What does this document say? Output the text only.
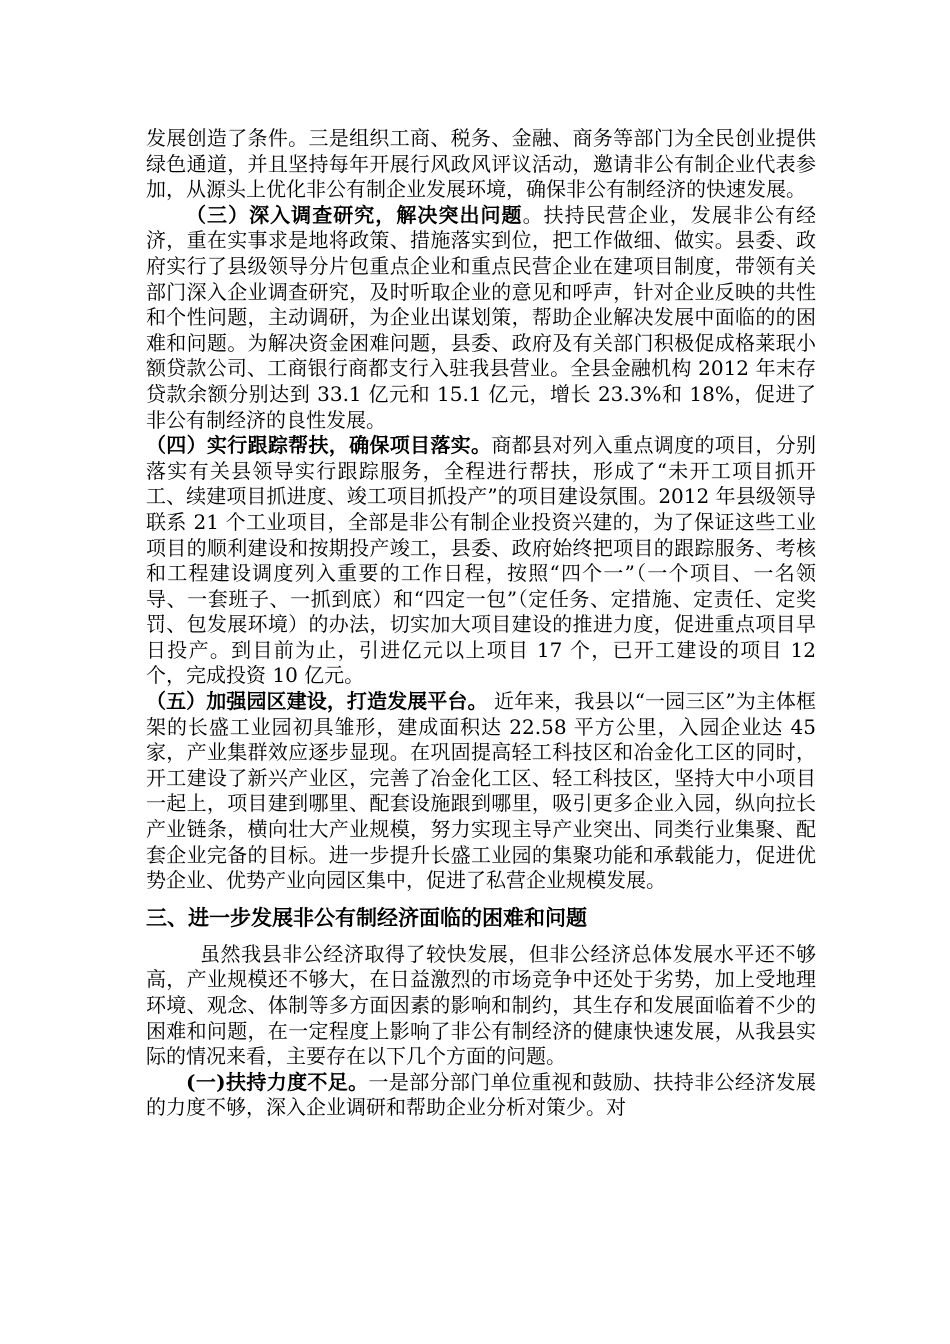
发展创造了条件。三是组织工商、税务、金融、商务等部门为全民创业提供绿色通道，并且坚持每年开展行风政风评议活动，邀请非公有制企业代表参加，从源头上优化非公有制企业发展环境，确保非公有制经济的快速发展。

（三）深入调查研究，解决突出问题。扶持民营企业，发展非公有经济，重在实事求是地将政策、措施落实到位，把工作做细、做实。县委、政府实行了县级领导分片包重点企业和重点民营企业在建项目制度，带领有关部门深入企业调查研究，及时听取企业的意见和呼声，针对企业反映的共性和个性问题，主动调研，为企业出谋划策，帮助企业解决发展中面临的的困难和问题。为解决资金困难问题，县委、政府及有关部门积极促成格莱珉小额贷款公司、工商银行商都支行入驻我县营业。全县金融机构 2012 年末存贷款余额分别达到 33.1 亿元和 15.1 亿元，增长 23.3%和 18%，促进了非公有制经济的良性发展。

（四）实行跟踪帮扶，确保项目落实。商都县对列入重点调度的项目，分别落实有关县领导实行跟踪服务，全程进行帮扶，形成了“未开工项目抓开工、续建项目抓进度、竣工项目抓投产”的项目建设氛围。2012 年县级领导联系 21 个工业项目，全部是非公有制企业投资兴建的，为了保证这些工业项目的顺利建设和按期投产竣工，县委、政府始终把项目的跟踪服务、考核和工程建设调度列入重要的工作日程，按照“四个一”（一个项目、一名领导、一套班子、一抓到底）和“四定一包”（定任务、定措施、定责任、定奖罚、包发展环境）的办法，切实加大项目建设的推进力度，促进重点项目早日投产。到目前为止，引进亿元以上项目 17 个，已开工建设的项目 12 个，完成投资 10 亿元。

（五）加强园区建设，打造发展平台。 近年来，我县以“一园三区”为主体框架的长盛工业园初具雏形，建成面积达 22.58 平方公里，入园企业达 45 家，产业集群效应逐步显现。在巩固提高轻工科技区和冶金化工区的同时，开工建设了新兴产业区，完善了冶金化工区、轻工科技区，坚持大中小项目一起上，项目建到哪里、配套设施跟到哪里，吸引更多企业入园，纵向拉长产业链条，横向壮大产业规模，努力实现主导产业突出、同类行业集聚、配套企业完备的目标。进一步提升长盛工业园的集聚功能和承载能力，促进优势企业、优势产业向园区集中，促进了私营企业规模发展。

三、进一步发展非公有制经济面临的困难和问题

虽然我县非公经济取得了较快发展，但非公经济总体发展水平还不够高，产业规模还不够大，在日益激烈的市场竞争中还处于劣势，加上受地理环境、观念、体制等多方面因素的影响和制约，其生存和发展面临着不少的困难和问题，在一定程度上影响了非公有制经济的健康快速发展，从我县实际的情况来看，主要存在以下几个方面的问题。

(一)扶持力度不足。一是部分部门单位重视和鼓励、扶持非公经济发展的力度不够，深入企业调研和帮助企业分析对策少。对
